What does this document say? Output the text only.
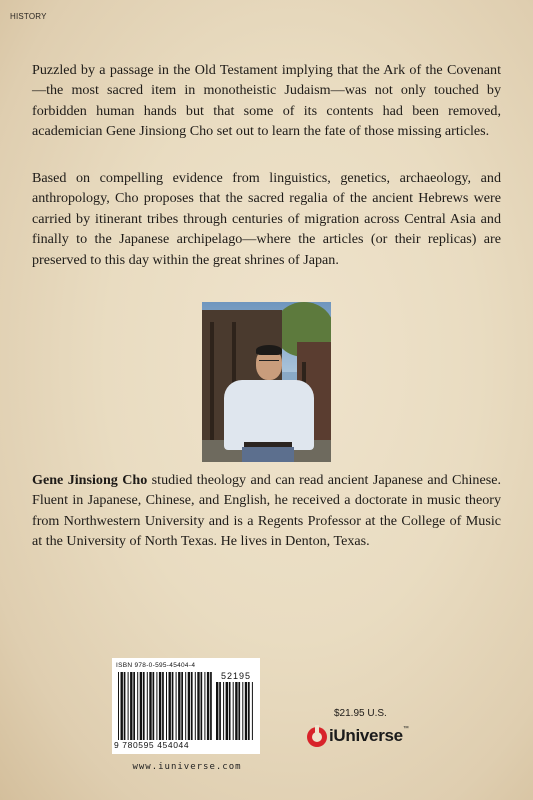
HISTORY

Puzzled by a passage in the Old Testament implying that the Ark of the Covenant—the most sacred item in monotheistic Judaism—was not only touched by forbidden human hands but that some of its contents had been removed, academician Gene Jinsiong Cho set out to learn the fate of those missing articles.

Based on compelling evidence from linguistics, genetics, archaeology, and anthropology, Cho proposes that the sacred regalia of the ancient Hebrews were carried by itinerant tribes through centuries of migration across Central Asia and finally to the Japanese archipelago—where the articles (or their replicas) are preserved to this day within the great shrines of Japan.

Gene Jinsiong Cho studied theology and can read ancient Japanese and Chinese. Fluent in Japanese, Chinese, and English, he received a doctorate in music theory from Northwestern University and is a Regents Professor at the College of Music at the University of North Texas. He lives in Denton, Texas.

ISBN 978-0-595-45404-4
52195
9 780595 454044
www.iuniverse.com
$21.95 U.S.
iUniverse™
